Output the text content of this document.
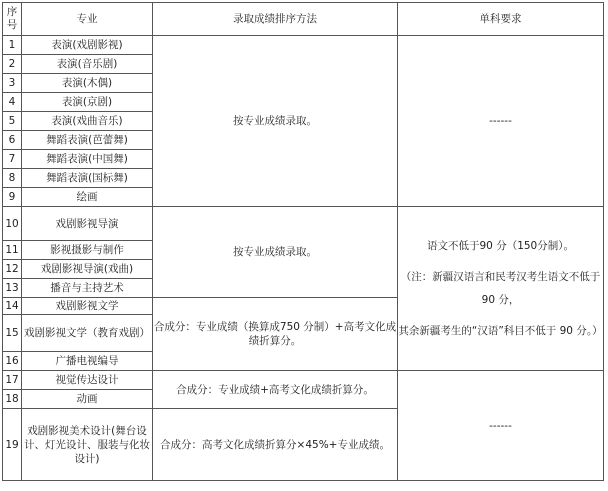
序号	专业	录取成绩排序方法	单科要求
1	表演(戏剧影视)	按专业成绩录取。	------
2	表演(音乐剧)		
3	表演(木偶)		
4	表演(京剧)		
5	表演(戏曲音乐)		
6	舞蹈表演(芭蕾舞)		
7	舞蹈表演(中国舞)		
8	舞蹈表演(国标舞)		
9	绘画		
10	戏剧影视导演	按专业成绩录取。	语文不低于90 分（150分制）。

（注：新疆汉语言和民考汉考生语文不低于 90 分，

其余新疆考生的“汉语”科目不低于 90 分。）

11	影视摄影与制作		
12	戏剧影视导演(戏曲)		
13	播音与主持艺术		
14	戏剧影视文学	合成分：专业成绩（换算成750 分制）+高考文化成绩折算分。	
15	戏剧影视文学（教育戏剧）		
16	广播电视编导		
17	视觉传达设计	合成分：专业成绩+高考文化成绩折算分。	------
18	动画		
19	戏剧影视美术设计(舞台设计、灯光设计、服装与化妆设计)	合成分：高考文化成绩折算分×45%+专业成绩。	
